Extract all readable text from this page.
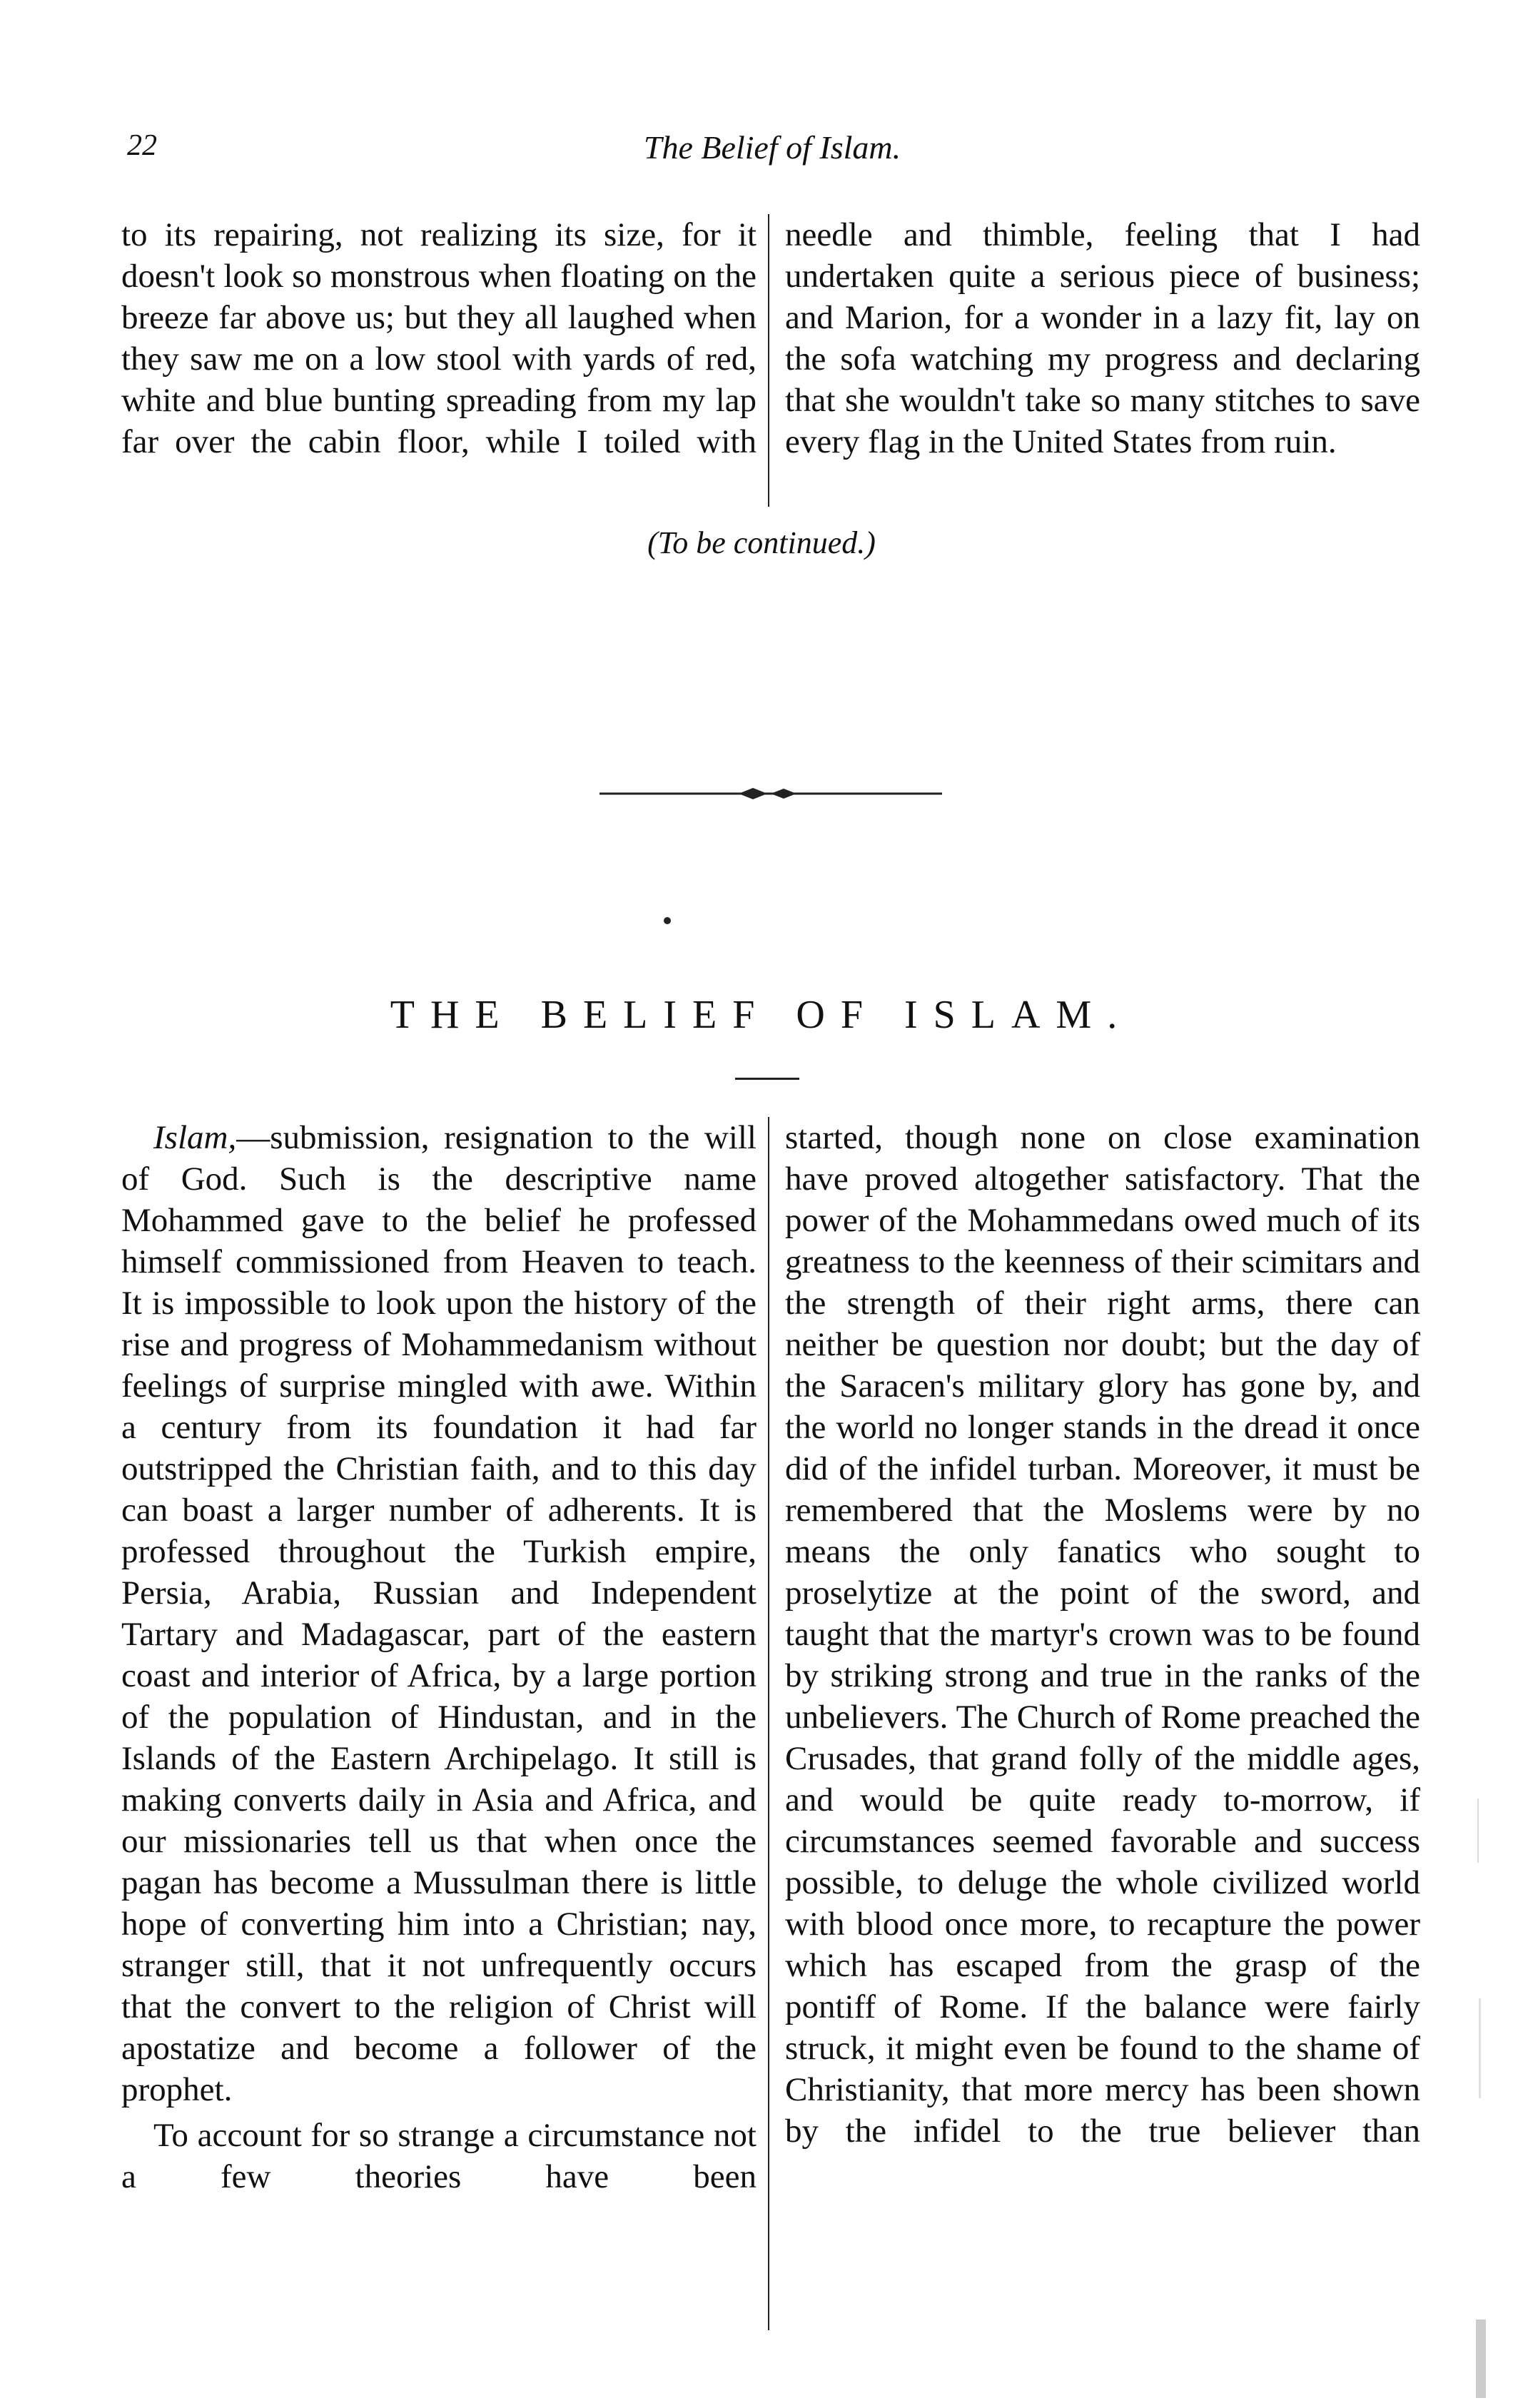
22	The Belief of Islam.

to its repairing, not realizing its size, for it doesn't look so monstrous when floating on the breeze far above us; but they all laughed when they saw me on a low stool with yards of red, white and blue bunting spreading from my lap far over the cabin floor, while I toiled with

needle and thimble, feeling that I had undertaken quite a serious piece of business; and Marion, for a wonder in a lazy fit, lay on the sofa watching my progress and declaring that she wouldn't take so many stitches to save every flag in the United States from ruin.

(To be continued.)
THE BELIEF OF ISLAM.

Islam,—submission, resignation to the will of God. Such is the descriptive name Mohammed gave to the belief he professed himself commissioned from Heaven to teach. It is impossible to look upon the history of the rise and progress of Mohammedanism without feelings of surprise mingled with awe. Within a century from its foundation it had far outstripped the Christian faith, and to this day can boast a larger number of adherents. It is professed throughout the Turkish empire, Persia, Arabia, Russian and Independent Tartary and Madagascar, part of the eastern coast and interior of Africa, by a large portion of the population of Hindustan, and in the Islands of the Eastern Archipelago. It still is making converts daily in Asia and Africa, and our missionaries tell us that when once the pagan has become a Mussulman there is little hope of converting him into a Christian; nay, stranger still, that it not unfrequently occurs that the convert to the religion of Christ will apostatize and become a follower of the prophet.

To account for so strange a circumstance not a few theories have been

started, though none on close examination have proved altogether satisfactory. That the power of the Mohammedans owed much of its greatness to the keenness of their scimitars and the strength of their right arms, there can neither be question nor doubt; but the day of the Saracen's military glory has gone by, and the world no longer stands in the dread it once did of the infidel turban. Moreover, it must be remembered that the Moslems were by no means the only fanatics who sought to proselytize at the point of the sword, and taught that the martyr's crown was to be found by striking strong and true in the ranks of the unbelievers. The Church of Rome preached the Crusades, that grand folly of the middle ages, and would be quite ready to-morrow, if circumstances seemed favorable and success possible, to deluge the whole civilized world with blood once more, to recapture the power which has escaped from the grasp of the pontiff of Rome. If the balance were fairly struck, it might even be found to the shame of Christianity, that more mercy has been shown by the infidel to the true believer than
